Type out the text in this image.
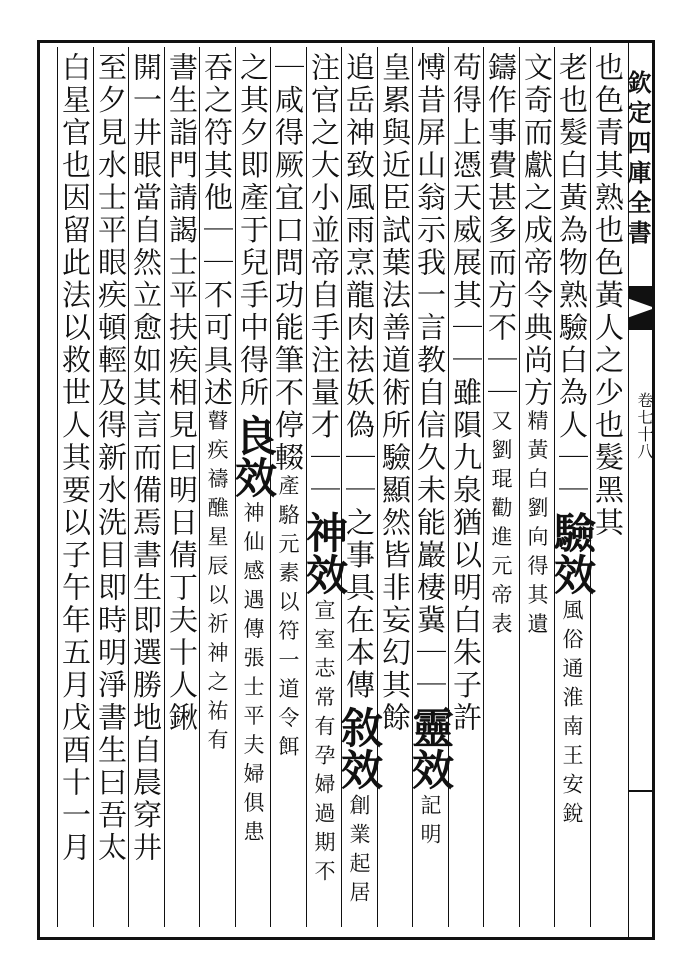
欽定四庫全書
卷七十八
也色青其熟也色黃人之少也髮黑其
老也髮白黃為物熟驗白為人｜｜驗效風俗通淮南王安銳
文奇而獻之成帝令典尚方精黃白劉向得其遺
鑄作事費甚多而方不｜｜又劉琨勸進元帝表
苟得上憑天威展其｜｜雖隕九泉猶以明白朱子許
愽昔屏山翁示我一言教自信久未能巖棲冀｜｜靈效記明
皇累與近臣試葉法善道術所驗顯然皆非妄幻其餘
追岳神致風雨烹龍肉祛妖偽｜｜之事具在本傳敘效創業起居
注官之大小並帝自手注量才｜｜神效宣室志常有孕婦過期不
｜咸得厥宜口問功能筆不停輟產駱元素以符一道令餌
之其夕即產于兒手中得所良效神仙感遇傳張士平夫婦俱患
吞之符其他｜｜不可具述瞽疾禱醮星辰以祈神之祐有
書生詣門請謁士平扶疾相見曰明日倩丁夫十人鍬
開一井眼當自然立愈如其言而備焉書生即選勝地自晨穿井
至夕見水士平眼疾頓輕及得新水洗目即時明淨書生曰吾太
白星官也因留此法以救世人其要以子午年五月戊酉十一月
